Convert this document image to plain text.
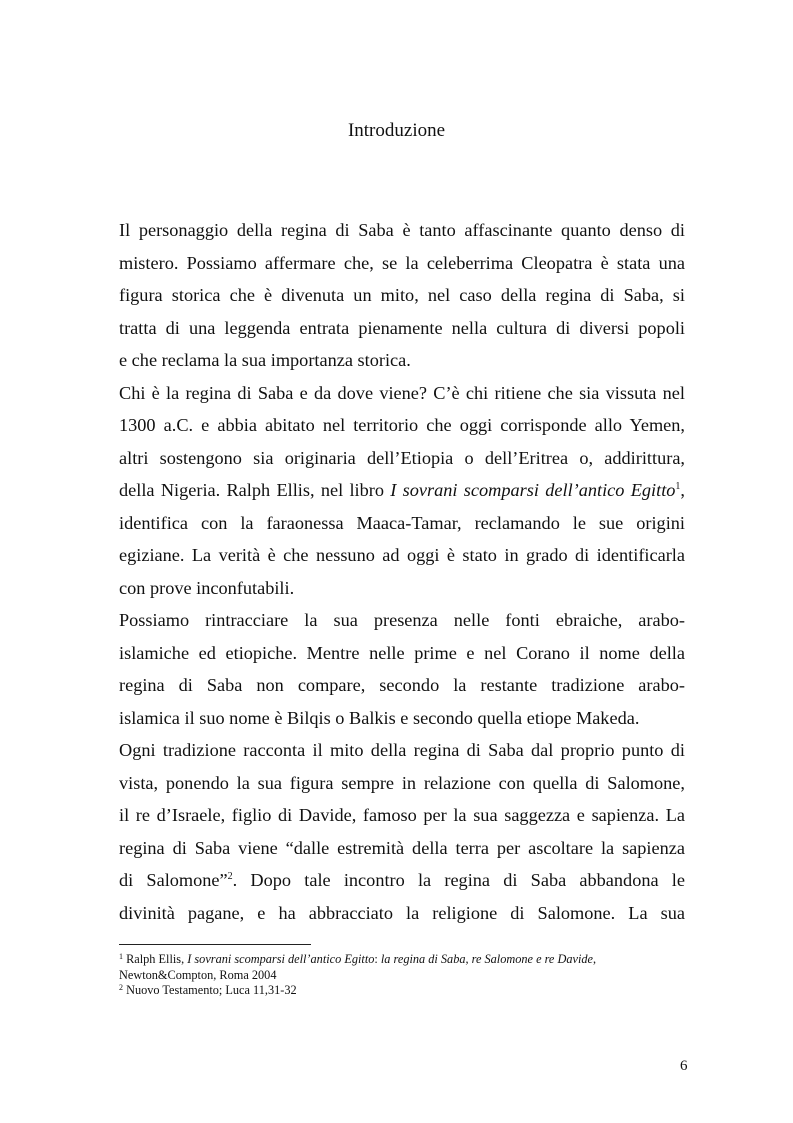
Introduzione
Il personaggio della regina di Saba è tanto affascinante quanto denso di
mistero. Possiamo affermare che, se la celeberrima Cleopatra è stata una
figura storica che è divenuta un mito, nel caso della regina di Saba, si
tratta di una leggenda entrata pienamente nella cultura di diversi popoli
e che reclama la sua importanza storica.
Chi è la regina di Saba e da dove viene? C’è chi ritiene che sia vissuta nel
1300 a.C. e abbia abitato nel territorio che oggi corrisponde allo Yemen,
altri sostengono sia originaria dell’Etiopia o dell’Eritrea o, addirittura,
della Nigeria. Ralph Ellis, nel libro I sovrani scomparsi dell’antico Egitto$^1$,
identifica con la faraonessa Maaca-Tamar, reclamando le sue origini
egiziane. La verità è che nessuno ad oggi è stato in grado di identificarla
con prove inconfutabili.
Possiamo rintracciare la sua presenza nelle fonti ebraiche, arabo-
islamiche ed etiopiche. Mentre nelle prime e nel Corano il nome della
regina di Saba non compare, secondo la restante tradizione arabo-
islamica il suo nome è Bilqis o Balkis e secondo quella etiope Makeda.
Ogni tradizione racconta il mito della regina di Saba dal proprio punto di
vista, ponendo la sua figura sempre in relazione con quella di Salomone,
il re d’Israele, figlio di Davide, famoso per la sua saggezza e sapienza. La
regina di Saba viene “dalle estremità della terra per ascoltare la sapienza
di Salomone”$^2$. Dopo tale incontro la regina di Saba abbandona le
divinità pagane, e ha abbracciato la religione di Salomone. La sua
$^1$ Ralph Ellis, I sovrani scomparsi dell’antico Egitto: la regina di Saba, re Salomone e re Davide,
Newton&Compton, Roma 2004
$^2$ Nuovo Testamento; Luca 11,31-32
6
